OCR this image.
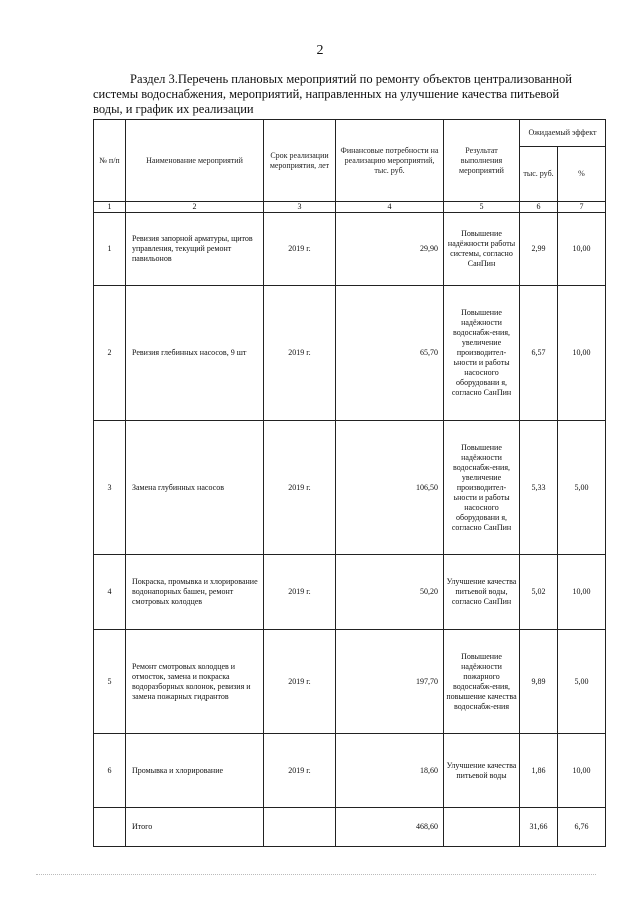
2
Раздел 3.Перечень плановых мероприятий по ремонту объектов централизованной
системы водоснабжения, мероприятий, направленных на улучшение качества питьевой
воды, и график их реализации
№ п/п	Наименование мероприятий	Срок реализации мероприятия, лет	Финансовые потребности на реализацию мероприятий, тыс. руб.	Результат выполнения мероприятий	Ожидаемый эффект	
					тыс. руб.	%
1	2	3	4	5	6	7
1	Ревизия запорной арматуры, щитов управления, текущий ремонт павильонов	2019 г.	29,90	Повышение надёжности работы системы, согласно СанПин	2,99	10,00
2	Ревизия глебинных насосов, 9 шт	2019 г.	65,70	Повышение надёжности водоснабж-ения, увеличение производител-ьности и работы насосного оборудовани я, согласно СанПин	6,57	10,00
3	Замена глубинных насосов	2019 г.	106,50	Повышение надёжности водоснабж-ения, увеличение производител-ьности и работы насосного оборудовани я, согласно СанПин	5,33	5,00
4	Покраска, промывка и хлорирование водонапорных башен, ремонт смотровых колодцев	2019 г.	50,20	Улучшение качества питьевой воды, согласно СанПин	5,02	10,00
5	Ремонт смотровых колодцев и отмосток, замена и покраска водоразборных колонок, ревизия и замена пожарных гидрантов	2019 г.	197,70	Повышение надёжности пожарного водоснабж-ения, повышение качества водоснабж-ения	9,89	5,00
6	Промывка и хлорирование	2019 г.	18,60	Улучшение качества питьевой воды	1,86	10,00
	Итого		468,60		31,66	6,76
